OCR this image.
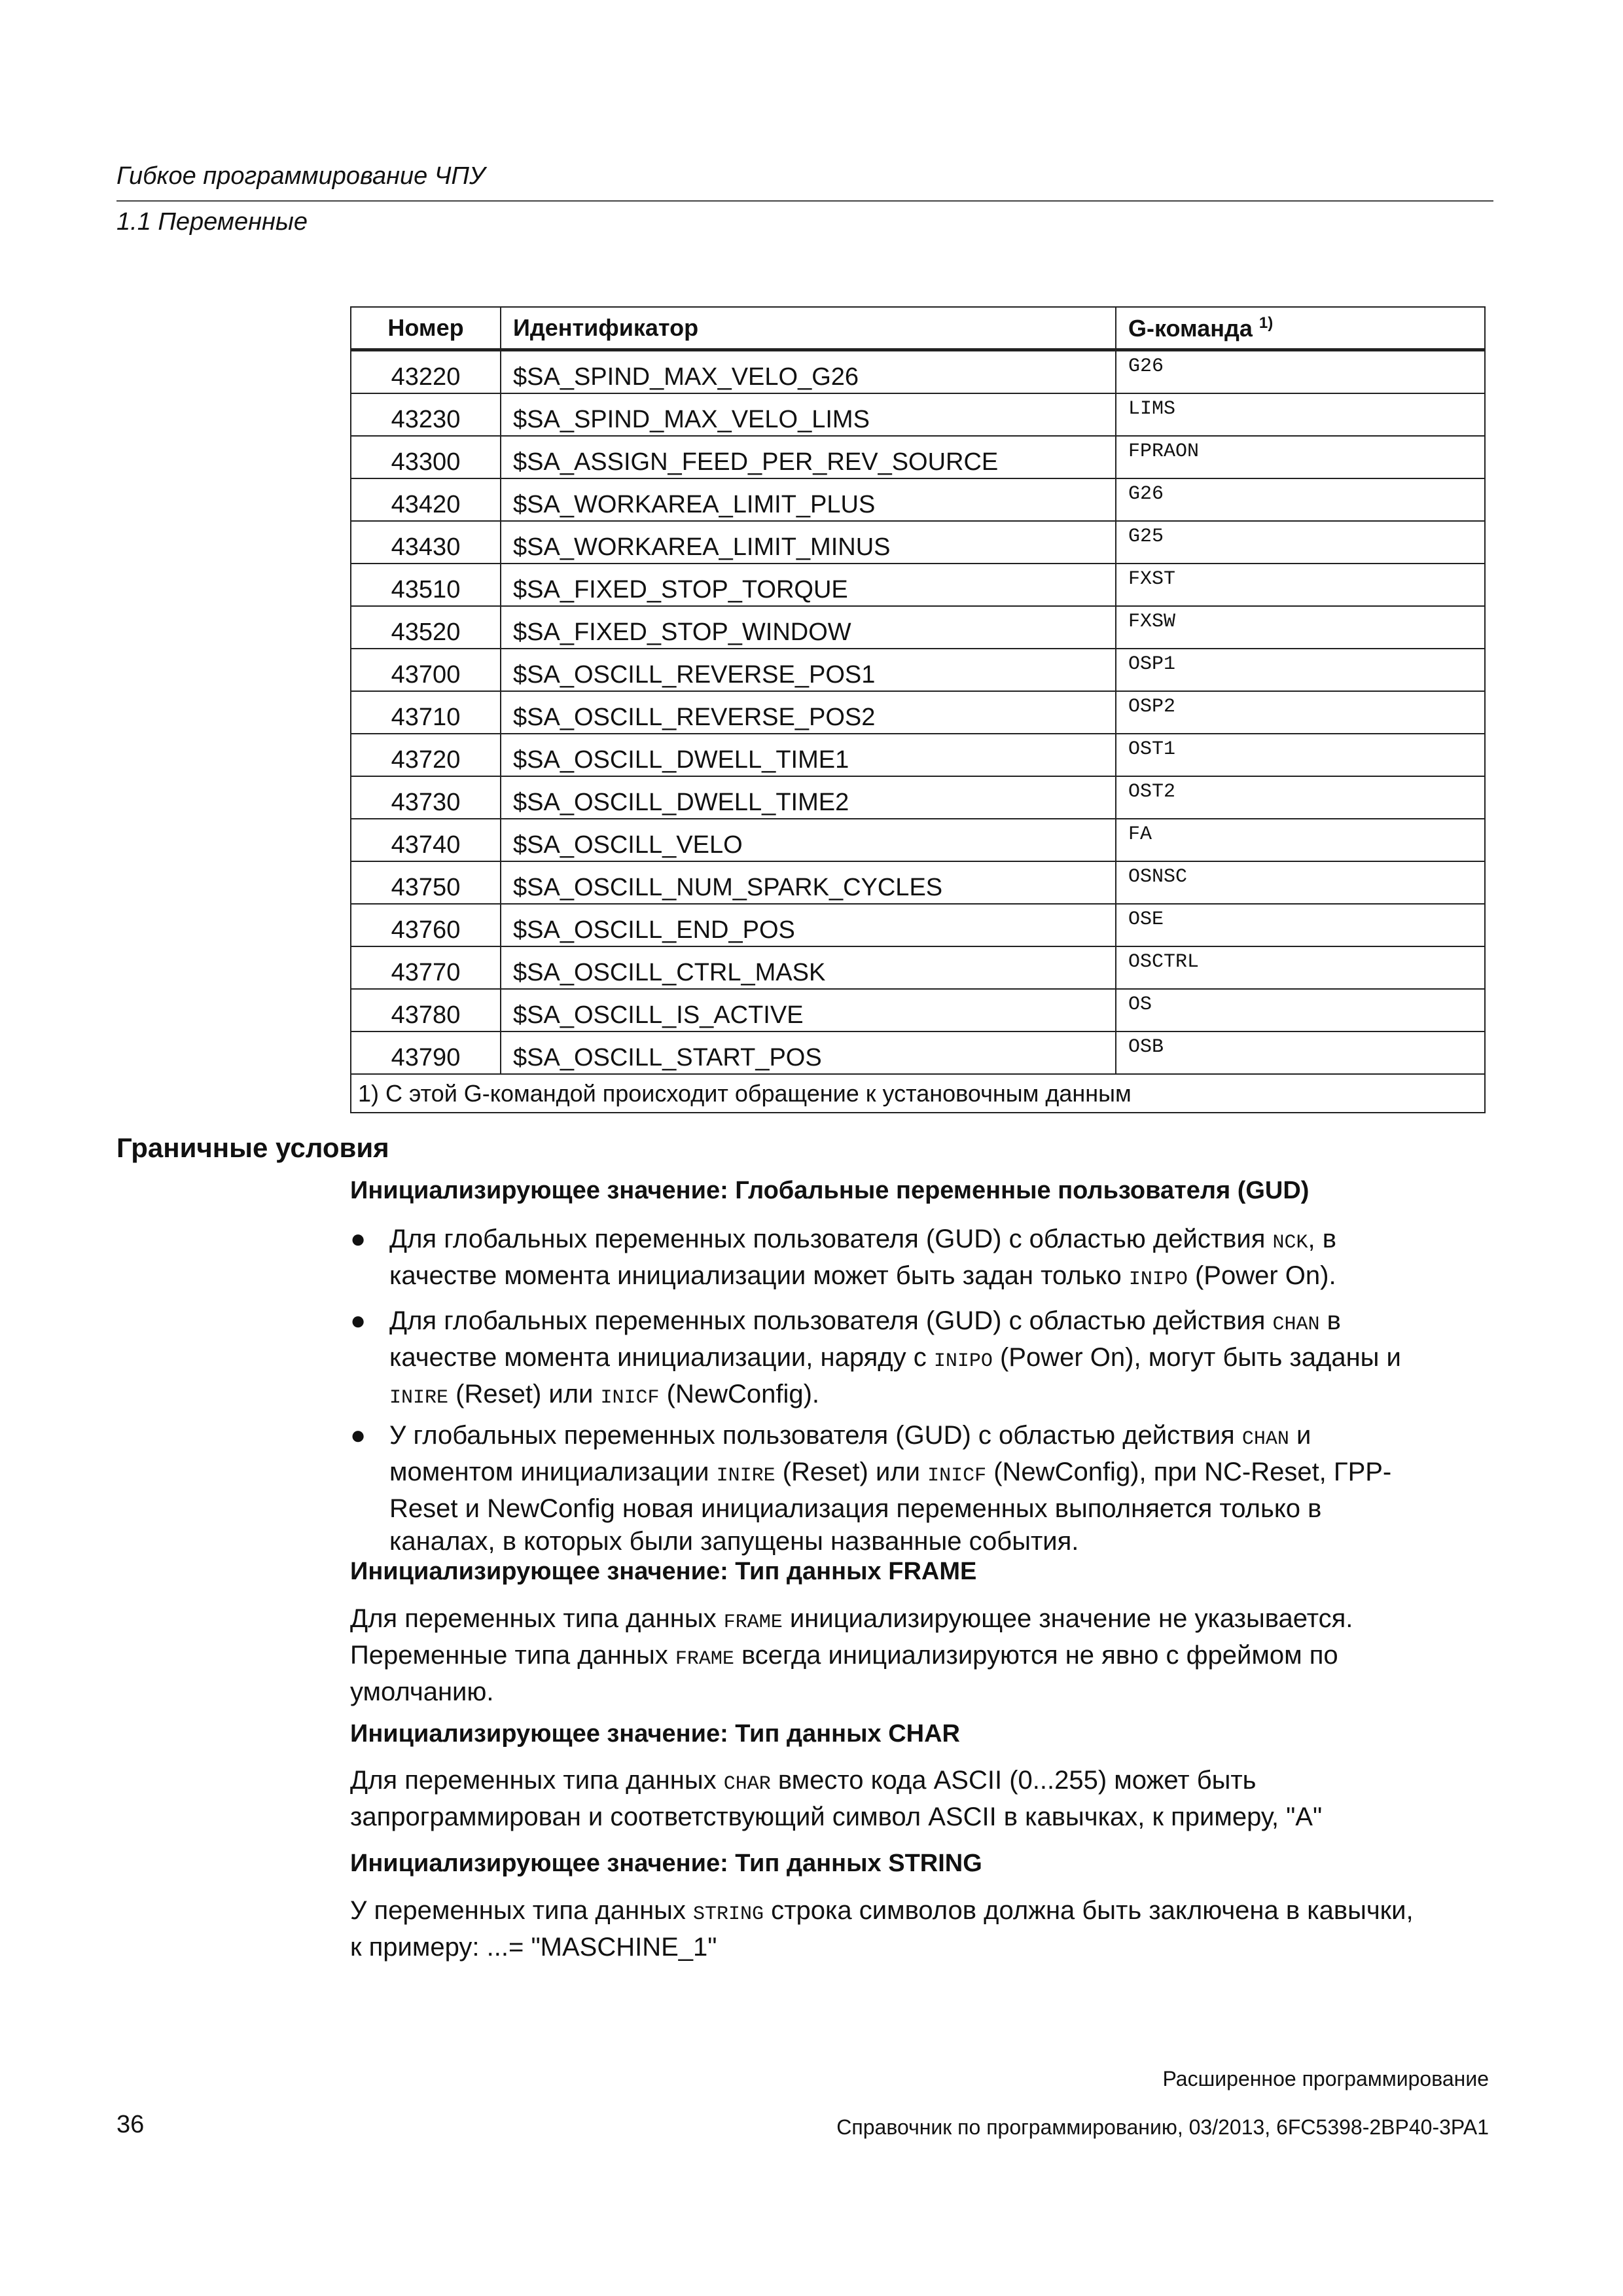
Гибкое программирование ЧПУ
1.1 Переменные
Номер	Идентификатор	G-команда $^{1)}$
43220	$SA_SPIND_MAX_VELO_G26	G26
43230	$SA_SPIND_MAX_VELO_LIMS	LIMS
43300	$SA_ASSIGN_FEED_PER_REV_SOURCE	FPRAON
43420	$SA_WORKAREA_LIMIT_PLUS	G26
43430	$SA_WORKAREA_LIMIT_MINUS	G25
43510	$SA_FIXED_STOP_TORQUE	FXST
43520	$SA_FIXED_STOP_WINDOW	FXSW
43700	$SA_OSCILL_REVERSE_POS1	OSP1
43710	$SA_OSCILL_REVERSE_POS2	OSP2
43720	$SA_OSCILL_DWELL_TIME1	OST1
43730	$SA_OSCILL_DWELL_TIME2	OST2
43740	$SA_OSCILL_VELO	FA
43750	$SA_OSCILL_NUM_SPARK_CYCLES	OSNSC
43760	$SA_OSCILL_END_POS	OSE
43770	$SA_OSCILL_CTRL_MASK	OSCTRL
43780	$SA_OSCILL_IS_ACTIVE	OS
43790	$SA_OSCILL_START_POS	OSB
1) С этой G-командой происходит обращение к установочным данным		
Граничные условия
Инициализирующее значение: Глобальные переменные пользователя (GUD)
● Для глобальных переменных пользователя (GUD) с областью действия NCK, в
качестве момента инициализации может быть задан только INIPO (Power On).
● Для глобальных переменных пользователя (GUD) с областью действия CHAN в
качестве момента инициализации, наряду с INIPO (Power On), могут быть заданы и
INIRE (Reset) или INICF (NewConfig).
● У глобальных переменных пользователя (GUD) с областью действия CHAN и
моментом инициализации INIRE (Reset) или INICF (NewConfig), при NC-Reset, ГРР-
Reset и NewConfig новая инициализация переменных выполняется только в
каналах, в которых были запущены названные события.
Инициализирующее значение: Тип данных FRAME
Для переменных типа данных FRAME инициализирующее значение не указывается.
Переменные типа данных FRAME всегда инициализируются не явно с фреймом по
умолчанию.
Инициализирующее значение: Тип данных CHAR
Для переменных типа данных CHAR вместо кода ASCII (0...255) может быть
запрограммирован и соответствующий символ ASCII в кавычках, к примеру, "A"
Инициализирующее значение: Тип данных STRING
У переменных типа данных STRING строка символов должна быть заключена в кавычки,
к примеру: ...= "MASCHINE_1"
Расширенное программирование
Справочник по программированию, 03/2013, 6FC5398-2BP40-3PA1
36
